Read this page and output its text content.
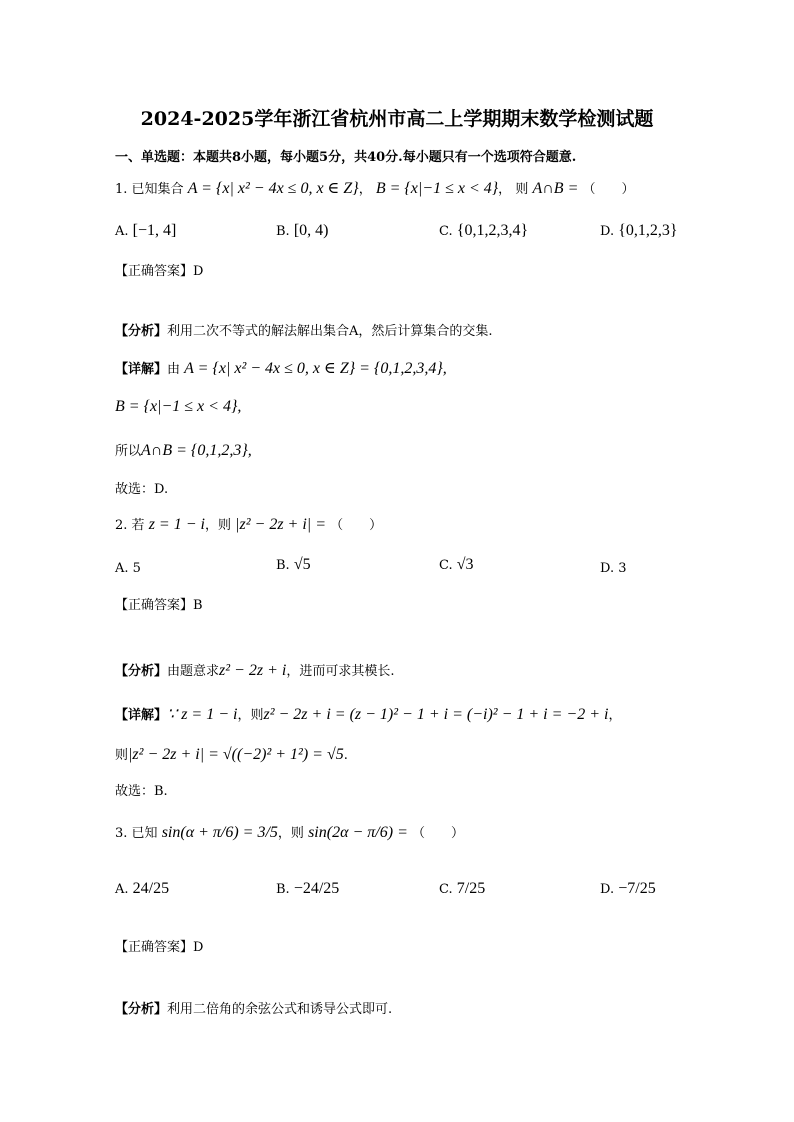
2024-2025学年浙江省杭州市高二上学期期末数学检测试题
一、单选题：本题共8小题，每小题5分，共40分.每小题只有一个选项符合题意.
1. 已知集合 A = {x| x² − 4x ≤ 0, x ∈ Z}， B = {x|−1 ≤ x < 4}， 则 A∩B = （　　）
A. [−1, 4]	B. [0, 4)	C. {0,1,2,3,4}	D. {0,1,2,3}
【正确答案】D
【分析】利用二次不等式的解法解出集合A，然后计算集合的交集.
【详解】由 A = {x| x² − 4x ≤ 0, x ∈ Z} = {0,1,2,3,4},
B = {x|−1 ≤ x < 4},
所以A∩B = {0,1,2,3},
故选：D.
2. 若 z = 1 − i，则 |z² − 2z + i| = （　　）
A. 5	B. √5	C. √3	D. 3
【正确答案】B
【分析】由题意求z² − 2z + i，进而可求其模长.
【详解】∵ z = 1 − i，则z² − 2z + i = (z − 1)² − 1 + i = (−i)² − 1 + i = −2 + i，
则|z² − 2z + i| = √((−2)² + 1²) = √5.
故选：B.
3. 已知 sin(α + π/6) = 3/5，则 sin(2α − π/6) = （　　）
A. 24/25	B. −24/25	C. 7/25	D. −7/25
【正确答案】D
【分析】利用二倍角的余弦公式和诱导公式即可.
